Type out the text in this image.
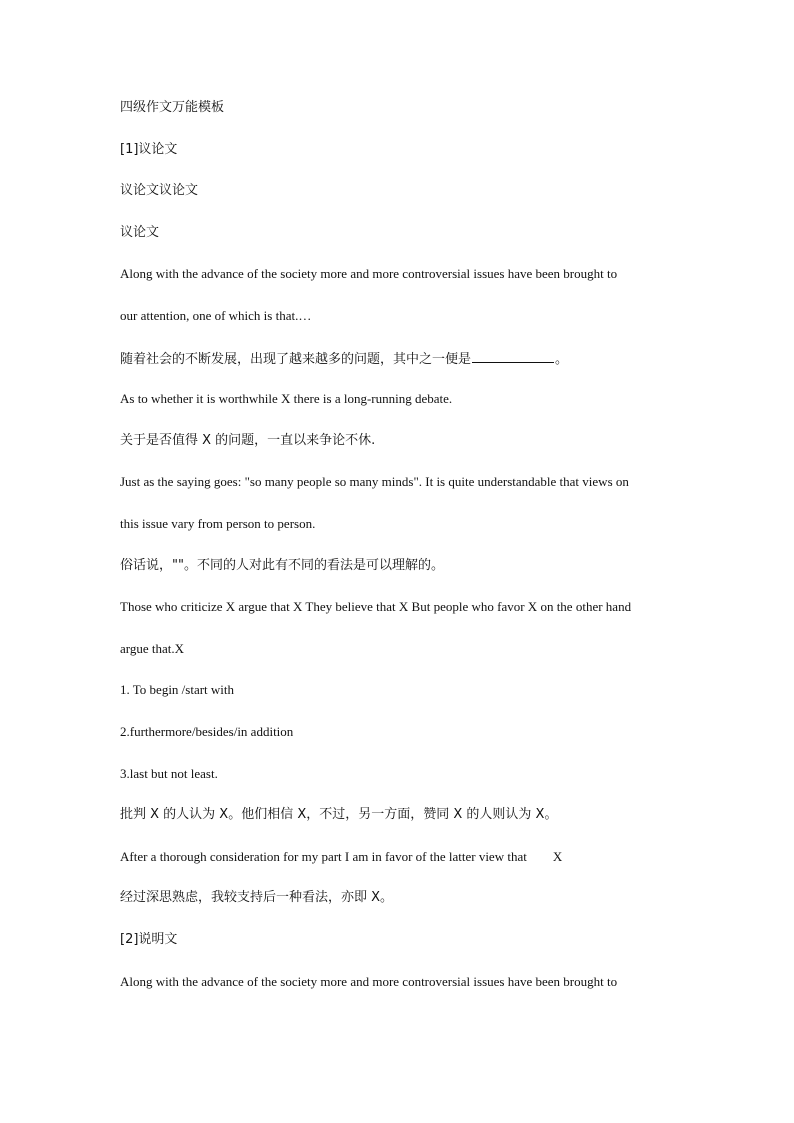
四级作文万能模板
[1]议论文
议论文议论文
议论文
Along with the advance of the society more and more controversial issues have been brought to
our attention, one of which is that.…
随着社会的不断发展，出现了越来越多的问题，其中之一便是	。
As to whether it is worthwhile X there is a long-running debate.
关于是否值得 X 的问题，一直以来争论不休.
Just as the saying goes: "so many people so many minds". It is quite understandable that views on
this issue vary from person to person.
俗话说，""。不同的人对此有不同的看法是可以理解的。
Those who criticize X argue that X They believe that X But people who favor X on the other hand
argue that.X
1. To begin /start with
2.furthermore/besides/in addition
3.last but not least.
批判 X 的人认为 X。他们相信 X，不过，另一方面，赞同 X 的人则认为 X。
After a thorough consideration for my part I am in favor of the latter view that X
经过深思熟虑，我较支持后一种看法，亦即 X。
[2]说明文
Along with the advance of the society more and more controversial issues have been brought to
